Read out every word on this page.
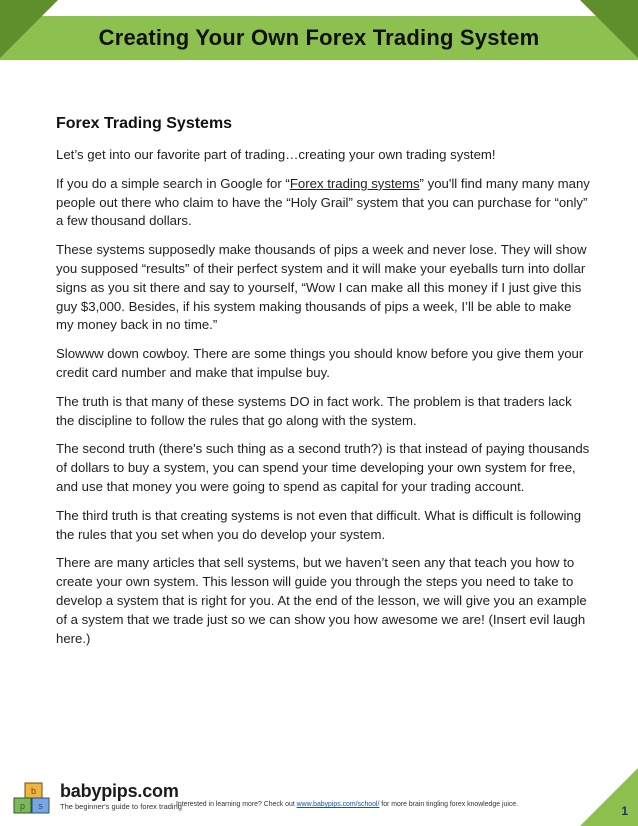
Creating Your Own Forex Trading System
Forex Trading Systems

Let’s get into our favorite part of trading…creating your own trading system!

If you do a simple search in Google for “Forex trading systems” you'll find many many many people out there who claim to have the “Holy Grail” system that you can purchase for “only” a few thousand dollars.

These systems supposedly make thousands of pips a week and never lose. They will show you supposed “results” of their perfect system and it will make your eyeballs turn into dollar signs as you sit there and say to yourself, “Wow I can make all this money if I just give this guy $3,000. Besides, if his system making thousands of pips a week, I’ll be able to make my money back in no time.”

Slowww down cowboy. There are some things you should know before you give them your credit card number and make that impulse buy.

The truth is that many of these systems DO in fact work. The problem is that traders lack the discipline to follow the rules that go along with the system.

The second truth (there's such thing as a second truth?) is that instead of paying thousands of dollars to buy a system, you can spend your time developing your own system for free, and use that money you were going to spend as capital for your trading account.

The third truth is that creating systems is not even that difficult. What is difficult is following the rules that you set when you do develop your system.

There are many articles that sell systems, but we haven’t seen any that teach you how to create your own system. This lesson will guide you through the steps you need to take to develop a system that is right for you. At the end of the lesson, we will give you an example of a system that we trade just so we can show you how awesome we are! (Insert evil laugh here.)

b
p s
babypips.com
The beginner's guide to forex trading
Interested in learning more? Check out www.babypips.com/school/ for more brain tingling forex knowledge juice.	1
